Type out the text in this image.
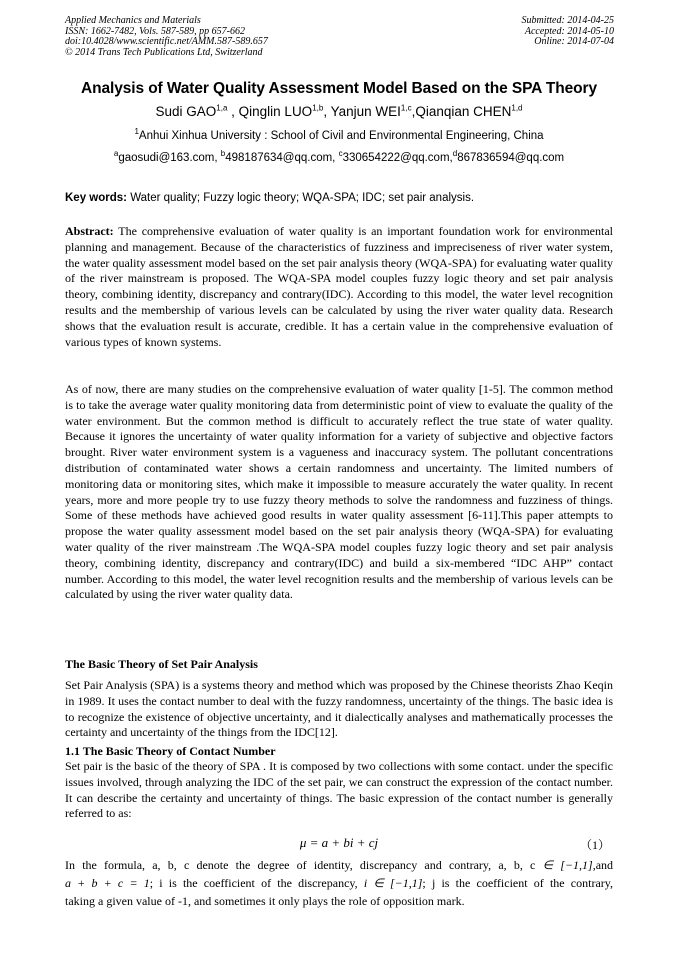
Applied Mechanics and Materials
ISSN: 1662-7482, Vols. 587-589, pp 657-662
doi:10.4028/www.scientific.net/AMM.587-589.657
© 2014 Trans Tech Publications Ltd, Switzerland
Submitted: 2014-04-25
Accepted: 2014-05-10
Online: 2014-07-04
Analysis of Water Quality Assessment Model Based on the SPA Theory
Sudi GAO$^{1,a}$ , Qinglin LUO$^{1,b}$, Yanjun WEI$^{1,c}$,Qianqian CHEN$^{1,d}$
$^1$Anhui Xinhua University : School of Civil and Environmental Engineering, China
$^a$gaosudi@163.com, $^b$498187634@qq.com, $^c$330654222@qq.com,$^d$867836594@qq.com
Key words: Water quality; Fuzzy logic theory; WQA-SPA; IDC; set pair analysis.

Abstract: The comprehensive evaluation of water quality is an important foundation work for environmental planning and management. Because of the characteristics of fuzziness and impreciseness of river water system, the water quality assessment model based on the set pair analysis theory (WQA-SPA) for evaluating water quality of the river mainstream is proposed. The WQA-SPA model couples fuzzy logic theory and set pair analysis theory, combining identity, discrepancy and contrary(IDC). According to this model, the water level recognition results and the membership of various levels can be calculated by using the river water quality data. Research shows that the evaluation result is accurate, credible. It has a certain value in the comprehensive evaluation of various types of known systems.

As of now, there are many studies on the comprehensive evaluation of water quality [1-5]. The common method is to take the average water quality monitoring data from deterministic point of view to evaluate the quality of the water environment. But the common method is difficult to accurately reflect the true state of water quality. Because it ignores the uncertainty of water quality information for a variety of subjective and objective factors brought. River water environment system is a vagueness and inaccuracy system. The pollutant concentrations distribution of contaminated water shows a certain randomness and uncertainty. The limited numbers of monitoring data or monitoring sites, which make it impossible to measure accurately the water quality. In recent years, more and more people try to use fuzzy theory methods to solve the randomness and fuzziness of things. Some of these methods have achieved good results in water quality assessment [6-11].This paper attempts to propose the water quality assessment model based on the set pair analysis theory (WQA-SPA) for evaluating water quality of the river mainstream .The WQA-SPA model couples fuzzy logic theory and set pair analysis theory, combining identity, discrepancy and contrary(IDC) and build a six-membered “IDC AHP” contact number. According to this model, the water level recognition results and the membership of various levels can be calculated by using the river water quality data.

The Basic Theory of Set Pair Analysis

Set Pair Analysis (SPA) is a systems theory and method which was proposed by the Chinese theorists Zhao Keqin in 1989. It uses the contact number to deal with the fuzzy randomness, uncertainty of the things. The basic idea is to recognize the existence of objective uncertainty, and it dialectically analyses and mathematically processes the certainty and uncertainty of the things from the IDC[12].

1.1 The Basic Theory of Contact Number

Set pair is the basic of the theory of SPA . It is composed by two collections with some contact. under the specific issues involved, through analyzing the IDC of the set pair, we can construct the expression of the contact number. It can describe the certainty and uncertainty of things. The basic expression of the contact number is generally referred to as:

μ = a + bi + cj	（1）
In the formula, a, b, c denote the degree of identity, discrepancy and contrary, a, b, c ∈ [−1,1],and
a + b + c = 1; i is the coefficient of the discrepancy, i ∈ [−1,1]; j is the coefficient of the contrary,
taking a given value of -1, and sometimes it only plays the role of opposition mark.
